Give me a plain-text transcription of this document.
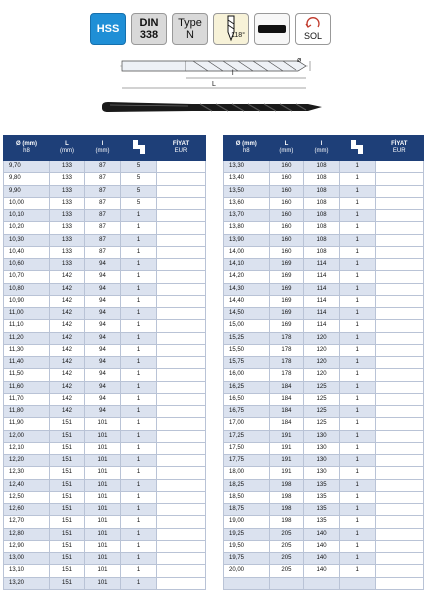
HSS DIN
338
Type
N	118°	SOL
ø
l
L
Ø (mm)
h8	L
(mm)	l
(mm)		FİYAT
EUR
9,70	133	87	5	
9,80	133	87	5	
9,90	133	87	5	
10,00	133	87	5	
10,10	133	87	1	
10,20	133	87	1	
10,30	133	87	1	
10,40	133	87	1	
10,60	133	94	1	
10,70	142	94	1	
10,80	142	94	1	
10,90	142	94	1	
11,00	142	94	1	
11,10	142	94	1	
11,20	142	94	1	
11,30	142	94	1	
11,40	142	94	1	
11,50	142	94	1	
11,60	142	94	1	
11,70	142	94	1	
11,80	142	94	1	
11,90	151	101	1	
12,00	151	101	1	
12,10	151	101	1	
12,20	151	101	1	
12,30	151	101	1	
12,40	151	101	1	
12,50	151	101	1	
12,60	151	101	1	
12,70	151	101	1	
12,80	151	101	1	
12,90	151	101	1	
13,00	151	101	1	
13,10	151	101	1	
13,20	151	101	1	
Ø (mm)
h8	L
(mm)	l
(mm)		FİYAT
EUR
13,30	160	108	1	
13,40	160	108	1	
13,50	160	108	1	
13,60	160	108	1	
13,70	160	108	1	
13,80	160	108	1	
13,90	160	108	1	
14,00	160	108	1	
14,10	169	114	1	
14,20	169	114	1	
14,30	169	114	1	
14,40	169	114	1	
14,50	169	114	1	
15,00	169	114	1	
15,25	178	120	1	
15,50	178	120	1	
15,75	178	120	1	
16,00	178	120	1	
16,25	184	125	1	
16,50	184	125	1	
16,75	184	125	1	
17,00	184	125	1	
17,25	191	130	1	
17,50	191	130	1	
17,75	191	130	1	
18,00	191	130	1	
18,25	198	135	1	
18,50	198	135	1	
18,75	198	135	1	
19,00	198	135	1	
19,25	205	140	1	
19,50	205	140	1	
19,75	205	140	1	
20,00	205	140	1	
